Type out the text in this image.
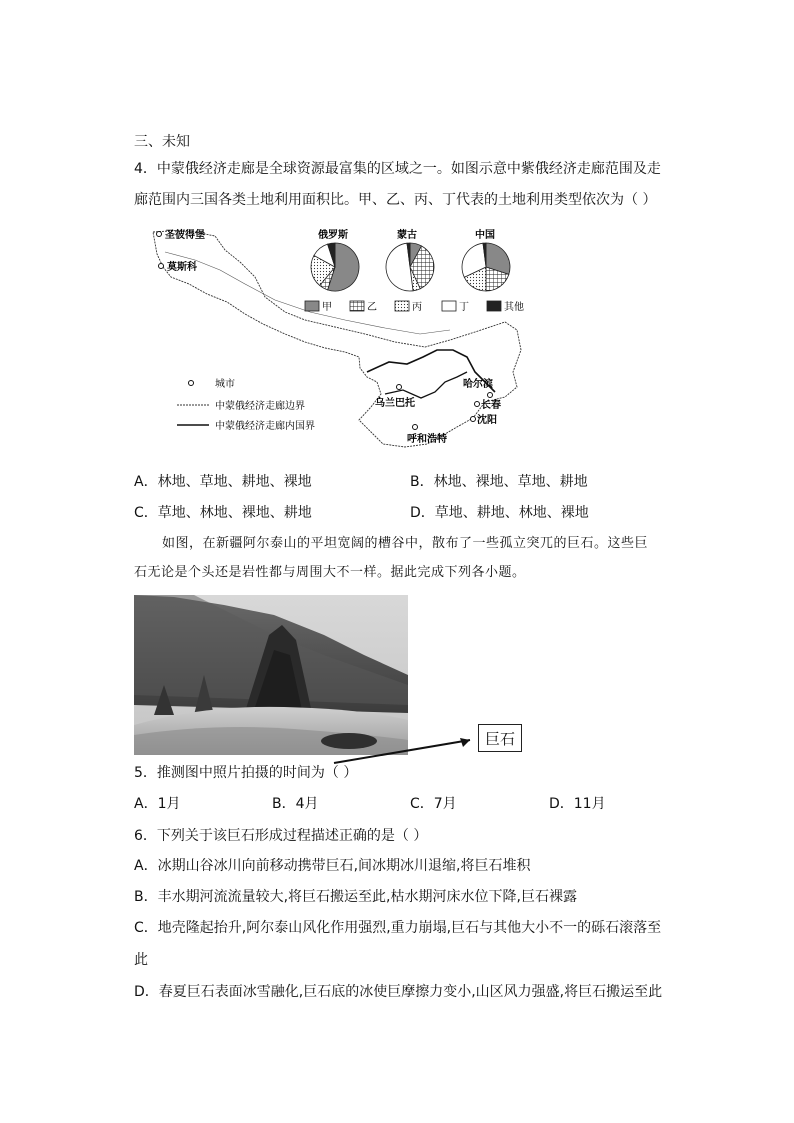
三、未知
4．中蒙俄经济走廊是全球资源最富集的区域之一。如图示意中紫俄经济走廊范围及走
廊范围内三国各类土地利用面积比。甲、乙、丙、丁代表的土地利用类型依次为（ ）
圣彼得堡
莫斯科
乌兰巴托
哈尔滨
长春
沈阳
呼和浩特
俄罗斯	蒙古	中国
甲	乙	丙	丁	其他
城市
中蒙俄经济走廊边界
中蒙俄经济走廊内国界
A．林地、草地、耕地、裸地	B．林地、裸地、草地、耕地
C．草地、林地、裸地、耕地	D．草地、耕地、林地、裸地
如图，在新疆阿尔泰山的平坦宽阔的槽谷中，散布了一些孤立突兀的巨石。这些巨
石无论是个头还是岩性都与周围大不一样。据此完成下列各小题。
巨石
5．推测图中照片拍摄的时间为（ ）
A．1月	B．4月	C．7月	D．11月
6．下列关于该巨石形成过程描述正确的是（ ）
A．冰期山谷冰川向前移动携带巨石,间冰期冰川退缩,将巨石堆积
B．丰水期河流流量较大,将巨石搬运至此,枯水期河床水位下降,巨石裸露
C．地壳隆起抬升,阿尔泰山风化作用强烈,重力崩塌,巨石与其他大小不一的砾石滚落至
此
D．春夏巨石表面冰雪融化,巨石底的冰使巨摩擦力变小,山区风力强盛,将巨石搬运至此
